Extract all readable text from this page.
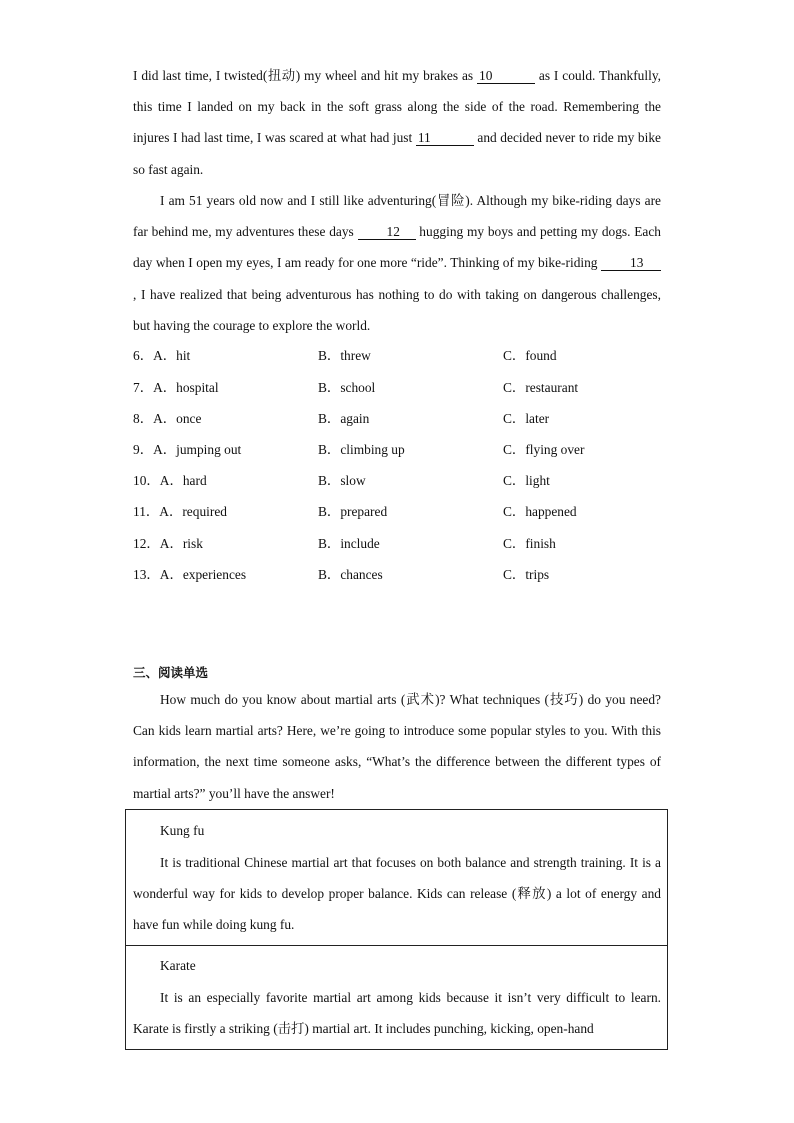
I did last time, I twisted(扭动) my wheel and hit my brakes as 10	as I could. Thankfully, this time I landed on my back in the soft grass along the side of the road. Remembering the injures I had last time, I was scared at what had just 11	and decided never to ride my bike so fast again.

I am 51 years old now and I still like adventuring(冒险). Although my bike-riding days are far behind me, my adventures these days 12 hugging my boys and petting my dogs. Each day when I open my eyes, I am ready for one more “ride”. Thinking of my bike-riding 13, I have realized that being adventurous has nothing to do with taking on dangerous challenges, but having the courage to explore the world.

6．A．hit	B．threw	C．found
7．A．hospital	B．school	C．restaurant
8．A．once	B．again	C．later
9．A．jumping out	B．climbing up	C．flying over
10．A．hard	B．slow	C．light
11．A．required	B．prepared	C．happened
12．A．risk	B．include	C．finish
13．A．experiences	B．chances	C．trips
三、阅读单选

How much do you know about martial arts (武术)? What techniques (技巧) do you need? Can kids learn martial arts? Here, we’re going to introduce some popular styles to you. With this information, the next time someone asks, “What’s the difference between the different types of martial arts?” you’ll have the answer!

Kung fu

It is traditional Chinese martial art that focuses on both balance and strength training. It is a wonderful way for kids to develop proper balance. Kids can release (释放) a lot of energy and have fun while doing kung fu.

Karate

It is an especially favorite martial art among kids because it isn’t very difficult to learn. Karate is firstly a striking (击打) martial art. It includes punching, kicking, open-hand
